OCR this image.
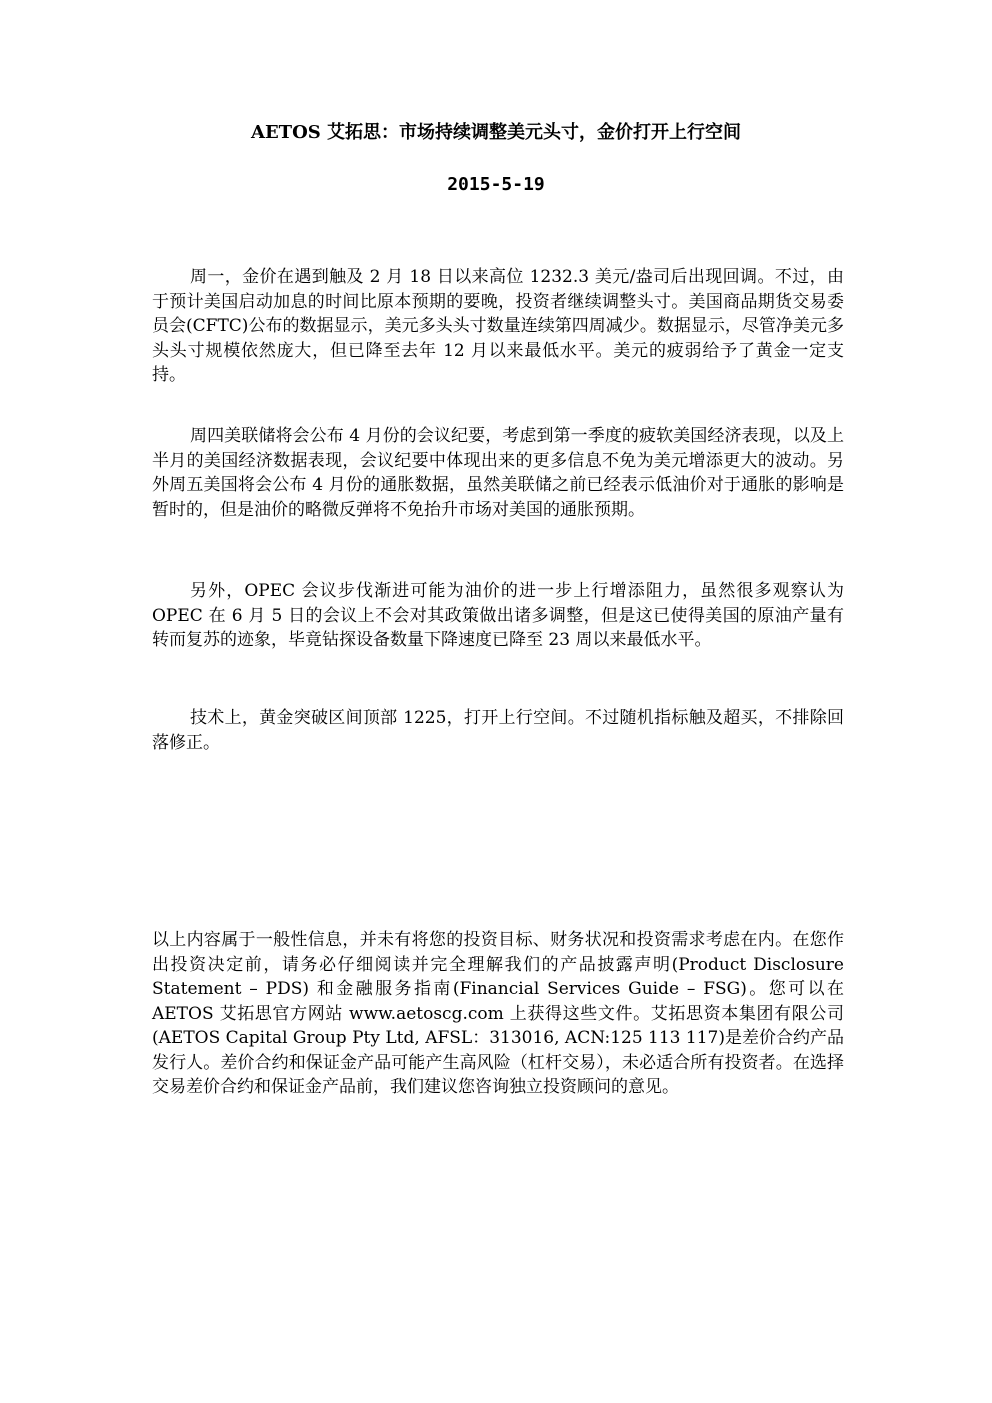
AETOS 艾拓思：市场持续调整美元头寸，金价打开上行空间
2015-5-19

周一，金价在遇到触及 2 月 18 日以来高位 1232.3 美元/盎司后出现回调。不过，由于预计美国启动加息的时间比原本预期的要晚，投资者继续调整头寸。美国商品期货交易委员会(CFTC)公布的数据显示，美元多头头寸数量连续第四周减少。数据显示，尽管净美元多头头寸规模依然庞大，但已降至去年 12 月以来最低水平。美元的疲弱给予了黄金一定支持。

周四美联储将会公布 4 月份的会议纪要，考虑到第一季度的疲软美国经济表现，以及上半月的美国经济数据表现，会议纪要中体现出来的更多信息不免为美元增添更大的波动。另外周五美国将会公布 4 月份的通胀数据，虽然美联储之前已经表示低油价对于通胀的影响是暂时的，但是油价的略微反弹将不免抬升市场对美国的通胀预期。

另外，OPEC 会议步伐渐进可能为油价的进一步上行增添阻力，虽然很多观察认为 OPEC 在 6 月 5 日的会议上不会对其政策做出诸多调整，但是这已使得美国的原油产量有转而复苏的迹象，毕竟钻探设备数量下降速度已降至 23 周以来最低水平。

技术上，黄金突破区间顶部 1225，打开上行空间。不过随机指标触及超买，不排除回落修正。

以上内容属于一般性信息，并未有将您的投资目标、财务状况和投资需求考虑在内。在您作出投资决定前，请务必仔细阅读并完全理解我们的产品披露声明(Product Disclosure Statement – PDS) 和金融服务指南(Financial Services Guide – FSG)。您可以在 AETOS 艾拓思官方网站 www.aetoscg.com 上获得这些文件。艾拓思资本集团有限公司(AETOS Capital Group Pty Ltd, AFSL：313016, ACN:125 113 117)是差价合约产品发行人。差价合约和保证金产品可能产生高风险（杠杆交易），未必适合所有投资者。在选择交易差价合约和保证金产品前，我们建议您咨询独立投资顾问的意见。
